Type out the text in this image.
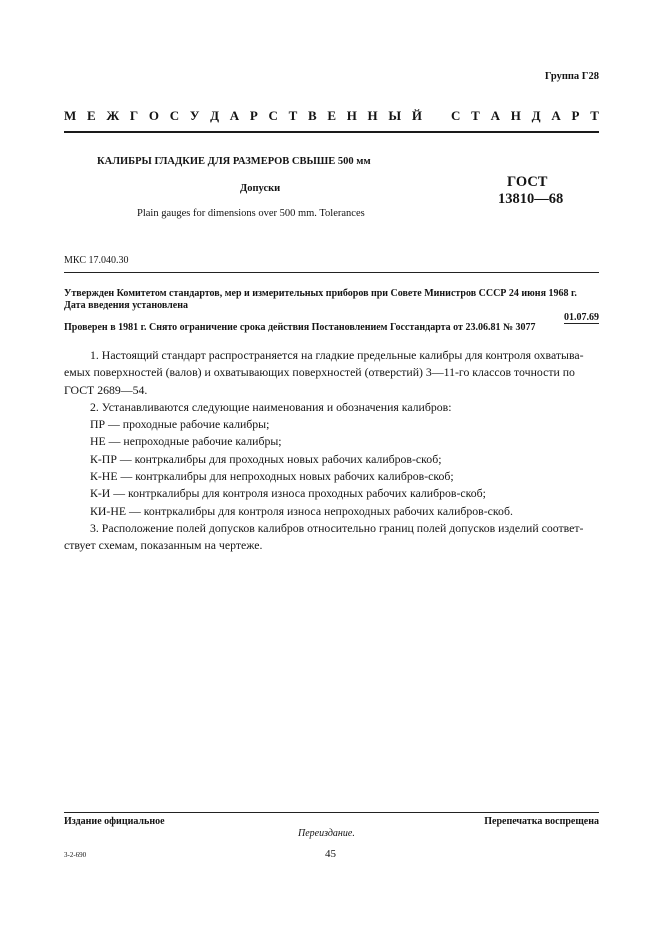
Группа Г28
М Е Ж Г О С У Д А Р С Т В Е Н Н Ы Й С Т А Н Д А Р Т
КАЛИБРЫ ГЛАДКИЕ ДЛЯ РАЗМЕРОВ СВЫШЕ 500 мм
Допуски
Plain gauges for dimensions over 500 mm. Tolerances
ГОСТ
13810—68
МКС 17.040.30
Утвержден Комитетом стандартов, мер и измерительных приборов при Совете Министров СССР 24 июня 1968 г.
Дата введения установлена
01.07.69
Проверен в 1981 г. Снято ограничение срока действия Постановлением Госстандарта от 23.06.81 № 3077

1. Настоящий стандарт распространяется на гладкие предельные калибры для контроля охватыва-

емых поверхностей (валов) и охватывающих поверхностей (отверстий) 3—11-го классов точности по

ГОСТ 2689—54.

2. Устанавливаются следующие наименования и обозначения калибров:

ПР — проходные рабочие калибры;

НЕ — непроходные рабочие калибры;

К-ПР — контркалибры для проходных новых рабочих калибров-скоб;

К-НЕ — контркалибры для непроходных новых рабочих калибров-скоб;

К-И — контркалибры для контроля износа проходных рабочих калибров-скоб;

КИ-НЕ — контркалибры для контроля износа непроходных рабочих калибров-скоб.

3. Расположение полей допусков калибров относительно границ полей допусков изделий соответ-

ствует схемам, показанным на чертеже.

Издание официальное	Перепечатка воспрещена
Переиздание.
45
3-2-690
